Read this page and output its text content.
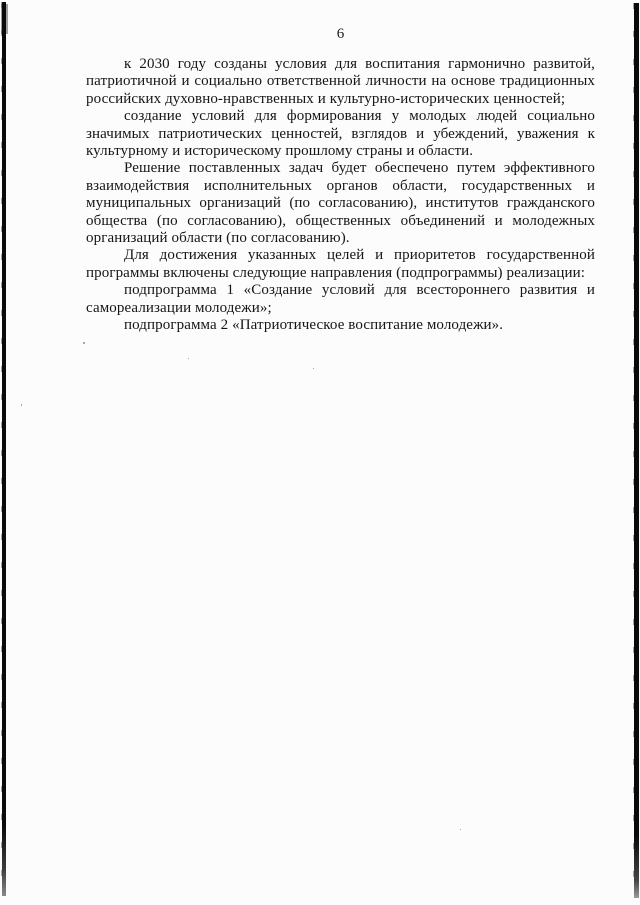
6

к 2030 году созданы условия для воспитания гармонично развитой, патриотичной и социально ответственной личности на основе традиционных российских духовно-нравственных и культурно-исторических ценностей;

создание условий для формирования у молодых людей социально значимых патриотических ценностей, взглядов и убеждений, уважения к культурному и историческому прошлому страны и области.

Решение поставленных задач будет обеспечено путем эффективного взаимодействия исполнительных органов области, государственных и муниципальных организаций (по согласованию), институтов гражданского общества (по согласованию), общественных объединений и молодежных организаций области (по согласованию).

Для достижения указанных целей и приоритетов государственной программы включены следующие направления (подпрограммы) реализации:

подпрограмма 1 «Создание условий для всестороннего развития и самореализации молодежи»;

подпрограмма 2 «Патриотическое воспитание молодежи».
